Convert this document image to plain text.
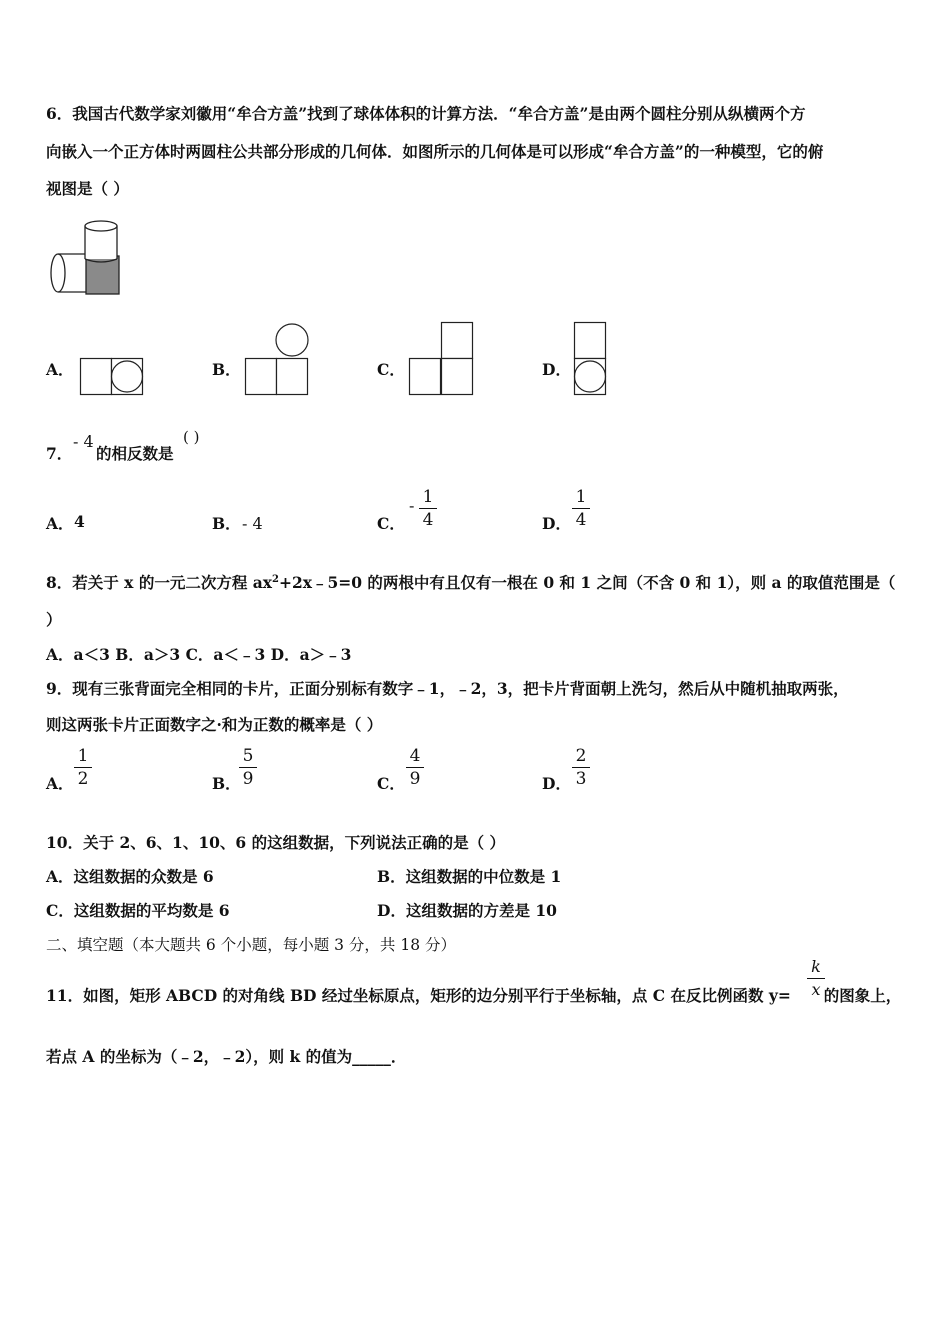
6．我国古代数学家刘徽用“牟合方盖”找到了球体体积的计算方法．“牟合方盖”是由两个圆柱分别从纵横两个方
向嵌入一个正方体时两圆柱公共部分形成的几何体．如图所示的几何体是可以形成“牟合方盖”的一种模型，它的俯
视图是（ ）
A．	B．	C．	D．
7．
- 4
的相反数是
( )
A． 4	B． - 4	C．
- 1
4	D．
1
4
8．若关于 x 的一元二次方程 $ax^2+2x﹣5=0$ 的两根中有且仅有一根在 0 和 1 之间（不含 0 和 1），则 a 的取值范围是（
）
A．a＜3 B．a＞3 C．a＜﹣3 D．a＞﹣3
9．现有三张背面完全相同的卡片，正面分别标有数字﹣1，﹣2，3，把卡片背面朝上洗匀，然后从中随机抽取两张，
则这两张卡片正面数字之·和为正数的概率是（ ）
A．
1
2	B．
5
9	C．
4
9	D．
2
3
10．关于 2、6、1、10、6 的这组数据，下列说法正确的是（ ）
A．这组数据的众数是 6	B．这组数据的中位数是 1
C．这组数据的平均数是 6	D．这组数据的方差是 10
二、填空题（本大题共 6 个小题，每小题 3 分，共 18 分）
11．如图，矩形 ABCD 的对角线 BD 经过坐标原点，矩形的边分别平行于坐标轴，点 C 在反比例函数 y= 的图象上，
k
x
若点 A 的坐标为（﹣2，﹣2），则 k 的值为_____．
